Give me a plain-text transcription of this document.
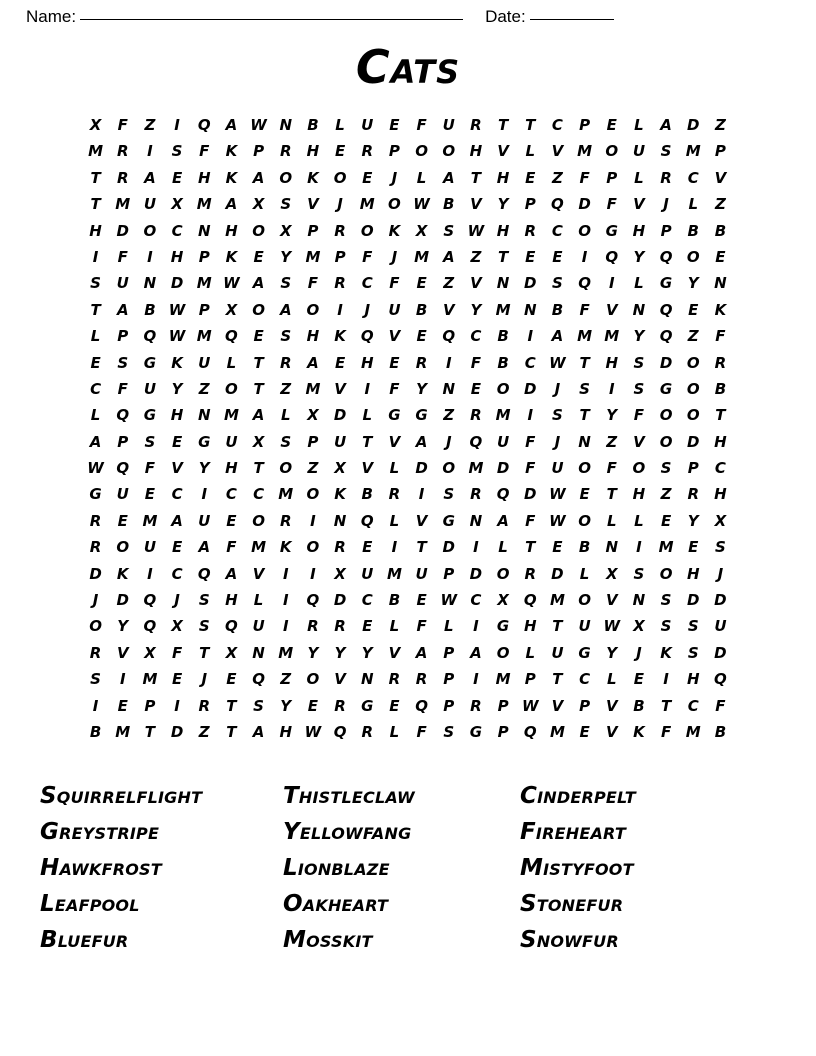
Name:	Date:
Cats
X	F	Z	I	Q A W N	B	L	U	E	F	U	R	T	T	C	P	E	L	A	D	Z
M R	I	S	F	K	P	R	H	E	R	P	O O H	V	L	V M O U	S M P
T	R	A	E	H	K	A O K O	E	J	L	A	T	H	E	Z	F	P	L	R	C	V
T M U	X M A	X	S	V	J	M O W B	V	Y	P	Q D	F	V	J	L	Z
H D O	C	N H O	X	P	R	O K	X	S W H	R	C	O G H	P	B	B
I	F	I	H	P	K	E	Y M P	F	J	M A	Z	T	E	E	I	Q	Y	Q O	E
S	U N D M W A	S	F	R	C	F	E	Z	V	N D	S	Q	I	L	G	Y	N
T	A	B W P	X	O A O	I	J	U	B	V	Y M N	B	F	V	N Q	E	K
L	P	Q W M Q	E	S	H	K Q V	E	Q	C	B	I	A M M Y	Q	Z	F
E	S	G	K	U	L	T	R	A	E	H	E	R	I	F	B	C W T	H	S	D O	R
C	F	U	Y	Z	O	T	Z M V	I	F	Y	N	E	O D	J	S	I	S	G O	B
L	Q G H N M A	L	X	D	L	G G	Z	R M	I	S	T	Y	F	O O	T
A	P	S	E	G U	X	S	P	U	T	V	A	J	Q U	F	J	N	Z	V O D H
W Q	F	V	Y	H	T	O	Z	X	V	L	D O M D	F	U O	F	O	S	P	C
G U	E	C	I	C	C M O K	B	R	I	S	R	Q D W E	T	H	Z	R	H
R	E M A	U	E	O	R	I	N Q	L	V	G N	A	F W O	L	L	E	Y	X
R	O U	E	A	F M K O	R	E	I	T	D	I	L	T	E	B	N	I	M E	S
D	K	I	C	Q A	V	I	I	X	U M U	P	D O	R	D	L	X	S	O H	J
J	D Q	J	S	H	L	I	Q D	C	B	E W C	X	Q M O V	N	S	D D
O	Y	Q	X	S	Q U	I	R	R	E	L	F	L	I	G H	T	U W X	S	S	U
R	V	X	F	T	X	N M Y	Y	Y	V	A	P	A O	L	U G	Y	J	K	S	D
S	I	M E	J	E	Q	Z	O V	N	R	R	P	I	M P	T	C	L	E	I	H Q
I	E	P	I	R	T	S	Y	E	R	G	E	Q	P	R	P W V	P	V	B	T	C	F
B M T	D	Z	T	A	H W Q	R	L	F	S	G	P	Q M E	V	K	F M B
Squirrelflight	thistleclaw	cinderpelt
Greystripe	yellowfang	fireheart
Hawkfrost	lionblaze	mistyfoot
Leafpool	oakheart	stonefur
Bluefur	mosskit	snowfur
